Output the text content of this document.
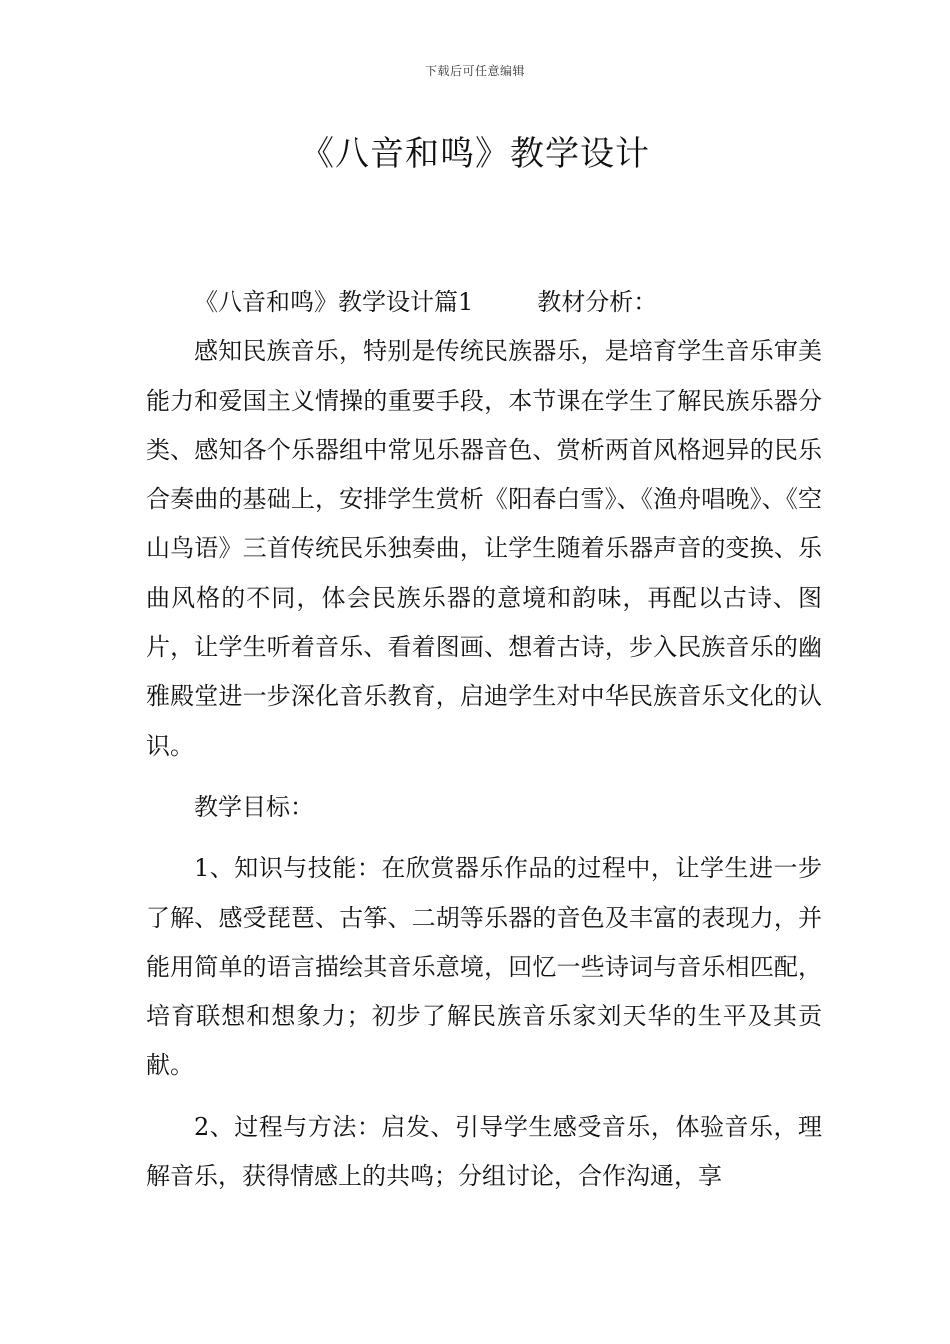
下载后可任意编辑
《八音和鸣》教学设计

《八音和鸣》教学设计篇1	教材分析：

感知民族音乐，特别是传统民族器乐，是培育学生音乐审美能力和爱国主义情操的重要手段，本节课在学生了解民族乐器分类、感知各个乐器组中常见乐器音色、赏析两首风格迥异的民乐合奏曲的基础上，安排学生赏析《阳春白雪》、《渔舟唱晚》、《空山鸟语》三首传统民乐独奏曲，让学生随着乐器声音的变换、乐曲风格的不同，体会民族乐器的意境和韵味，再配以古诗、图片，让学生听着音乐、看着图画、想着古诗，步入民族音乐的幽雅殿堂进一步深化音乐教育，启迪学生对中华民族音乐文化的认识。

教学目标：

1、知识与技能：在欣赏器乐作品的过程中，让学生进一步了解、感受琵琶、古筝、二胡等乐器的音色及丰富的表现力，并能用简单的语言描绘其音乐意境，回忆一些诗词与音乐相匹配，培育联想和想象力；初步了解民族音乐家刘天华的生平及其贡献。

2、过程与方法：启发、引导学生感受音乐，体验音乐，理解音乐，获得情感上的共鸣；分组讨论，合作沟通，享
